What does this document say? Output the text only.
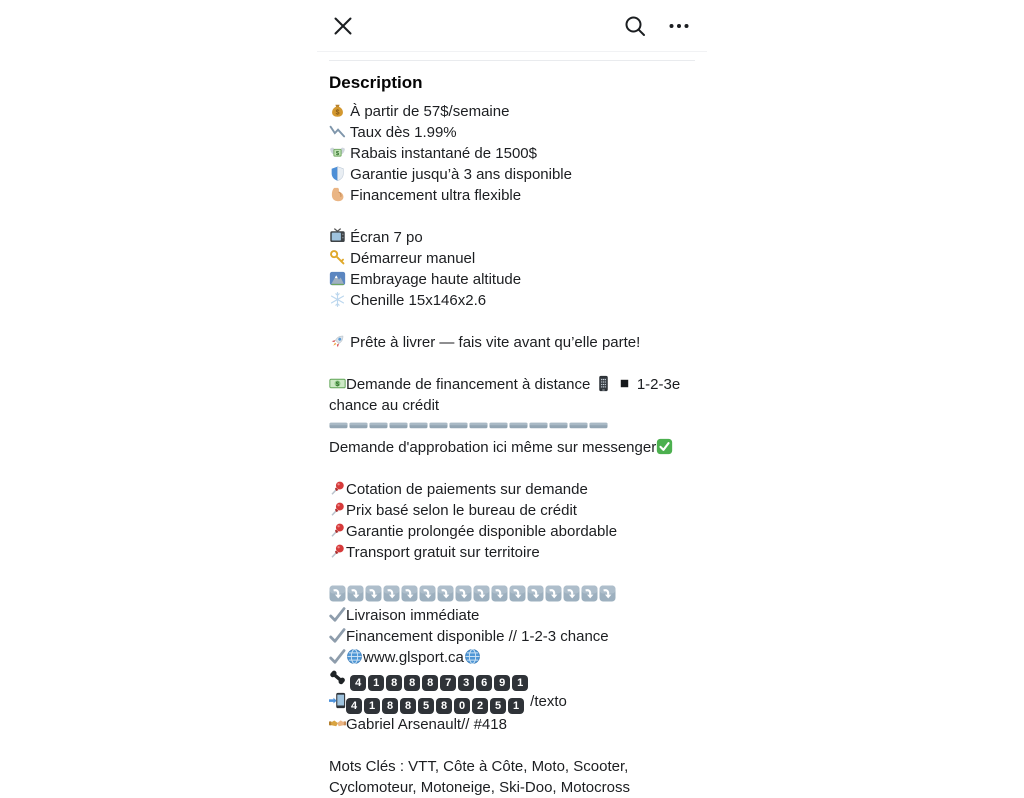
Description
$ À partir de 57$/semaine
Taux dès 1.99%
$ Rabais instantané de 1500$
Garantie jusqu’à 3 ans disponible
Financement ultra flexible
Écran 7 po
Démarreur manuel
Embrayage haute altitude
Chenille 15x146x2.6
Prête à livrer — fais vite avant qu’elle parte!
$ Demande de financement à distance
	1-2-3e chance au crédit
Demande d'approbation ici même sur messenger
Cotation de paiements sur demande
Prix basé selon le bureau de crédit
Garantie prolongée disponible abordable
Transport gratuit sur territoire
Livraison immédiate
Financement disponible // 1-2-3 chance
www.glsport.ca
4 1 8 8 8 7 3 6 9 1
4 1 8 8 5 8 0 2 5 1 /texto
Gabriel Arsenault// #418
Mots Clés : VTT, Côte à Côte, Moto, Scooter,
Cyclomoteur, Motoneige, Ski-Doo, Motocross
